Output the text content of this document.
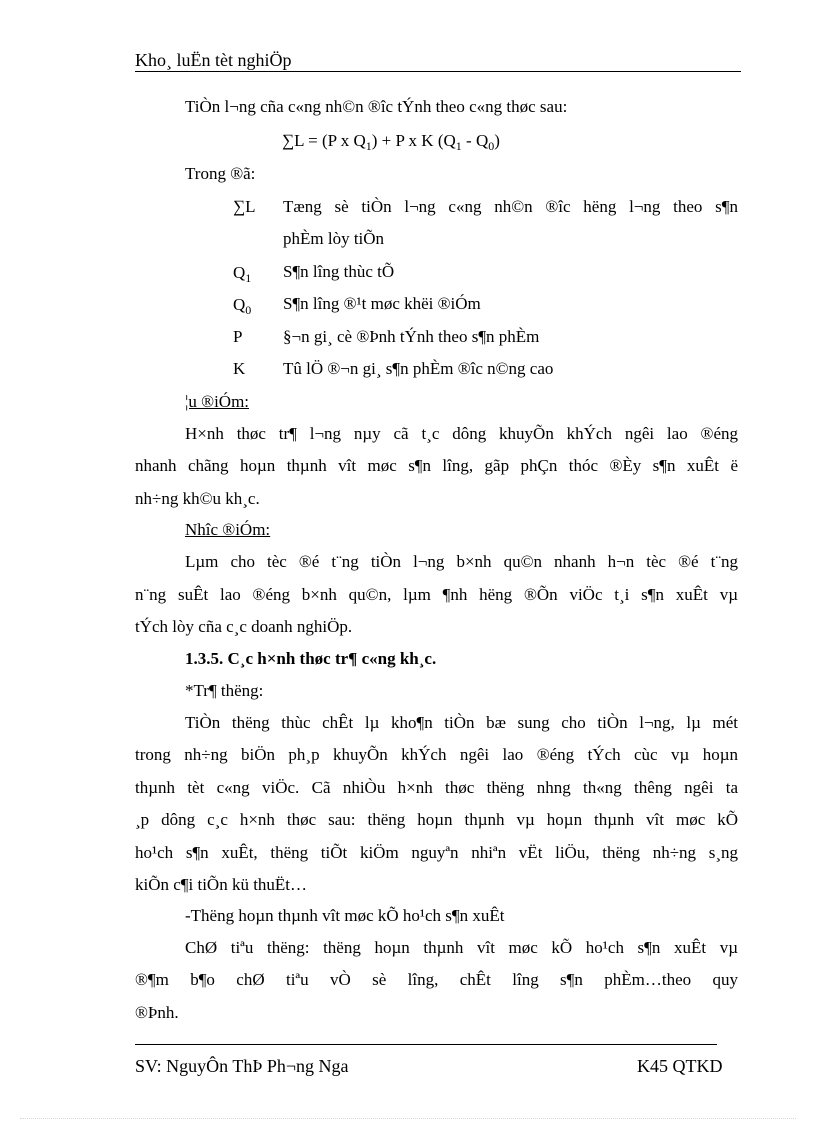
Kho¸ luËn tèt nghiÖp
TiÒn l¬ng cña c«ng nh©n ®îc tÝnh theo c«ng thøc sau:
∑L = (P x $Q_1) + P$ x K $(Q_1 - Q_0)$
Trong ®ã:
∑L Tæng sè tiÒn l¬ng c«ng nh©n ®îc hëng l¬ng theo s¶n
phÈm lòy tiÕn
$Q_1$ S¶n lîng thùc tÕ
$Q_0$ S¶n lîng ®¹t møc khëi ®iÓm
P §¬n gi¸ cè ®Þnh tÝnh theo s¶n phÈm
K Tû lÖ ®¬n gi¸ s¶n phÈm ®îc n©ng cao
¦u ®iÓm:
H×nh thøc tr¶ l¬ng nµy cã t¸c dông khuyÕn khÝch ngêi lao ®éng
nhanh chãng hoµn thµnh vît møc s¶n lîng, gãp phÇn thóc ®Èy s¶n xuÊt ë
nh÷ng kh©u kh¸c.
Nhîc ®iÓm:
Lµm cho tèc ®é t¨ng tiÒn l¬ng b×nh qu©n nhanh h¬n tèc ®é t¨ng
n¨ng suÊt lao ®éng b×nh qu©n, lµm ¶nh hëng ®Õn viÖc t¸i s¶n xuÊt vµ
tÝch lòy cña c¸c doanh nghiÖp.
1.3.5. C¸c h×nh thøc tr¶ c«ng kh¸c.
*Tr¶ thëng:
TiÒn thëng thùc chÊt lµ kho¶n tiÒn bæ sung cho tiÒn l¬ng, lµ mét
trong nh÷ng biÖn ph¸p khuyÕn khÝch ngêi lao ®éng tÝch cùc vµ hoµn
thµnh tèt c«ng viÖc. Cã nhiÒu h×nh thøc thëng nhng th«ng thêng ngêi ta
¸p dông c¸c h×nh thøc sau: thëng hoµn thµnh vµ hoµn thµnh vît møc kÕ
ho¹ch s¶n xuÊt, thëng tiÕt kiÖm nguyªn nhiªn vËt liÖu, thëng nh÷ng s¸ng
kiÕn c¶i tiÕn kü thuËt…
-Thëng hoµn thµnh vît møc kÕ ho¹ch s¶n xuÊt
ChØ tiªu thëng: thëng hoµn thµnh vît møc kÕ ho¹ch s¶n xuÊt vµ
®¶m b¶o chØ tiªu vÒ sè lîng, chÊt lîng s¶n phÈm…theo quy
®Þnh.
SV: NguyÔn ThÞ Ph¬ng Nga	K45 QTKD
